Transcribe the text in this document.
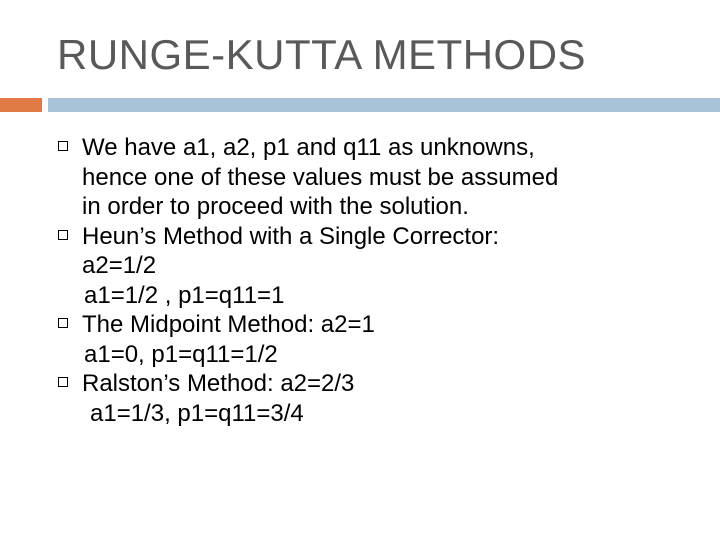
RUNGE-KUTTA METHODS
We have a1, a2, p1 and q11 as unknowns,
hence one of these values must be assumed
in order to proceed with the solution.
Heun’s Method with a Single Corrector:
a2=1/2
a1=1/2 , p1=q11=1
The Midpoint Method: a2=1
a1=0, p1=q11=1/2
Ralston’s Method: a2=2/3
a1=1/3, p1=q11=3/4
